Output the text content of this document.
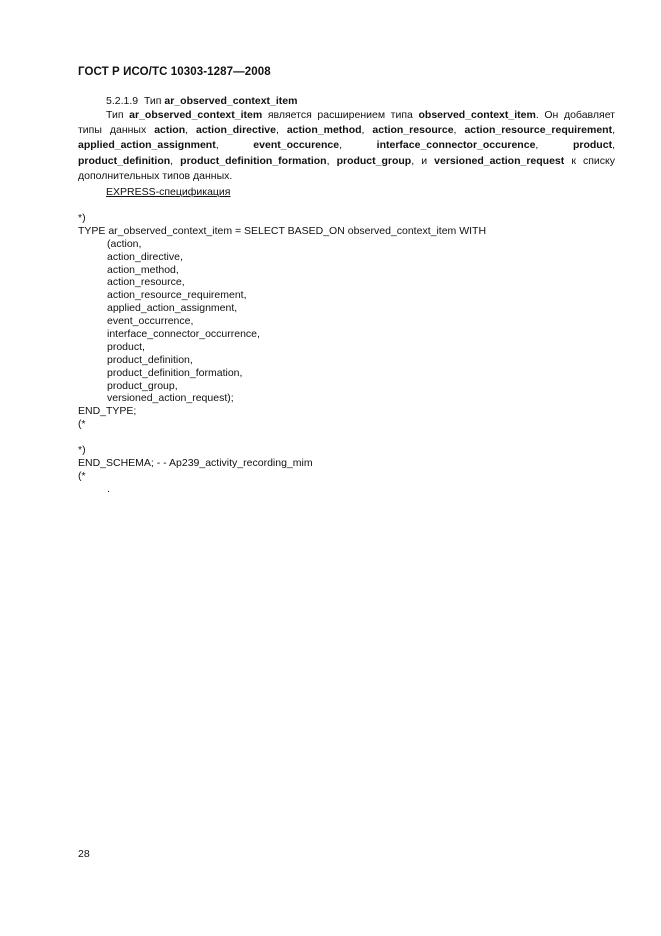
ГОСТ Р ИСО/ТС 10303-1287—2008
5.2.1.9 Тип ar_observed_context_item
Тип ar_observed_context_item является расширением типа observed_context_item. Он добавляет типы данных action, action_directive, action_method, action_resource, action_resource_requirement, applied_action_assignment, event_occurence, interface_connector_occurence, product, product_definition, product_definition_formation, product_group, и versioned_action_request к списку дополнительных типов данных.
EXPRESS-спецификация
*)
TYPE ar_observed_context_item = SELECT BASED_ON observed_context_item WITH
(action,
action_directive,
action_method,
action_resource,
action_resource_requirement,
applied_action_assignment,
event_occurrence,
interface_connector_occurrence,
product,
product_definition,
product_definition_formation,
product_group,
versioned_action_request);
END_TYPE;
(*
*)
END_SCHEMA; - - Ap239_activity_recording_mim
(*
.
28
